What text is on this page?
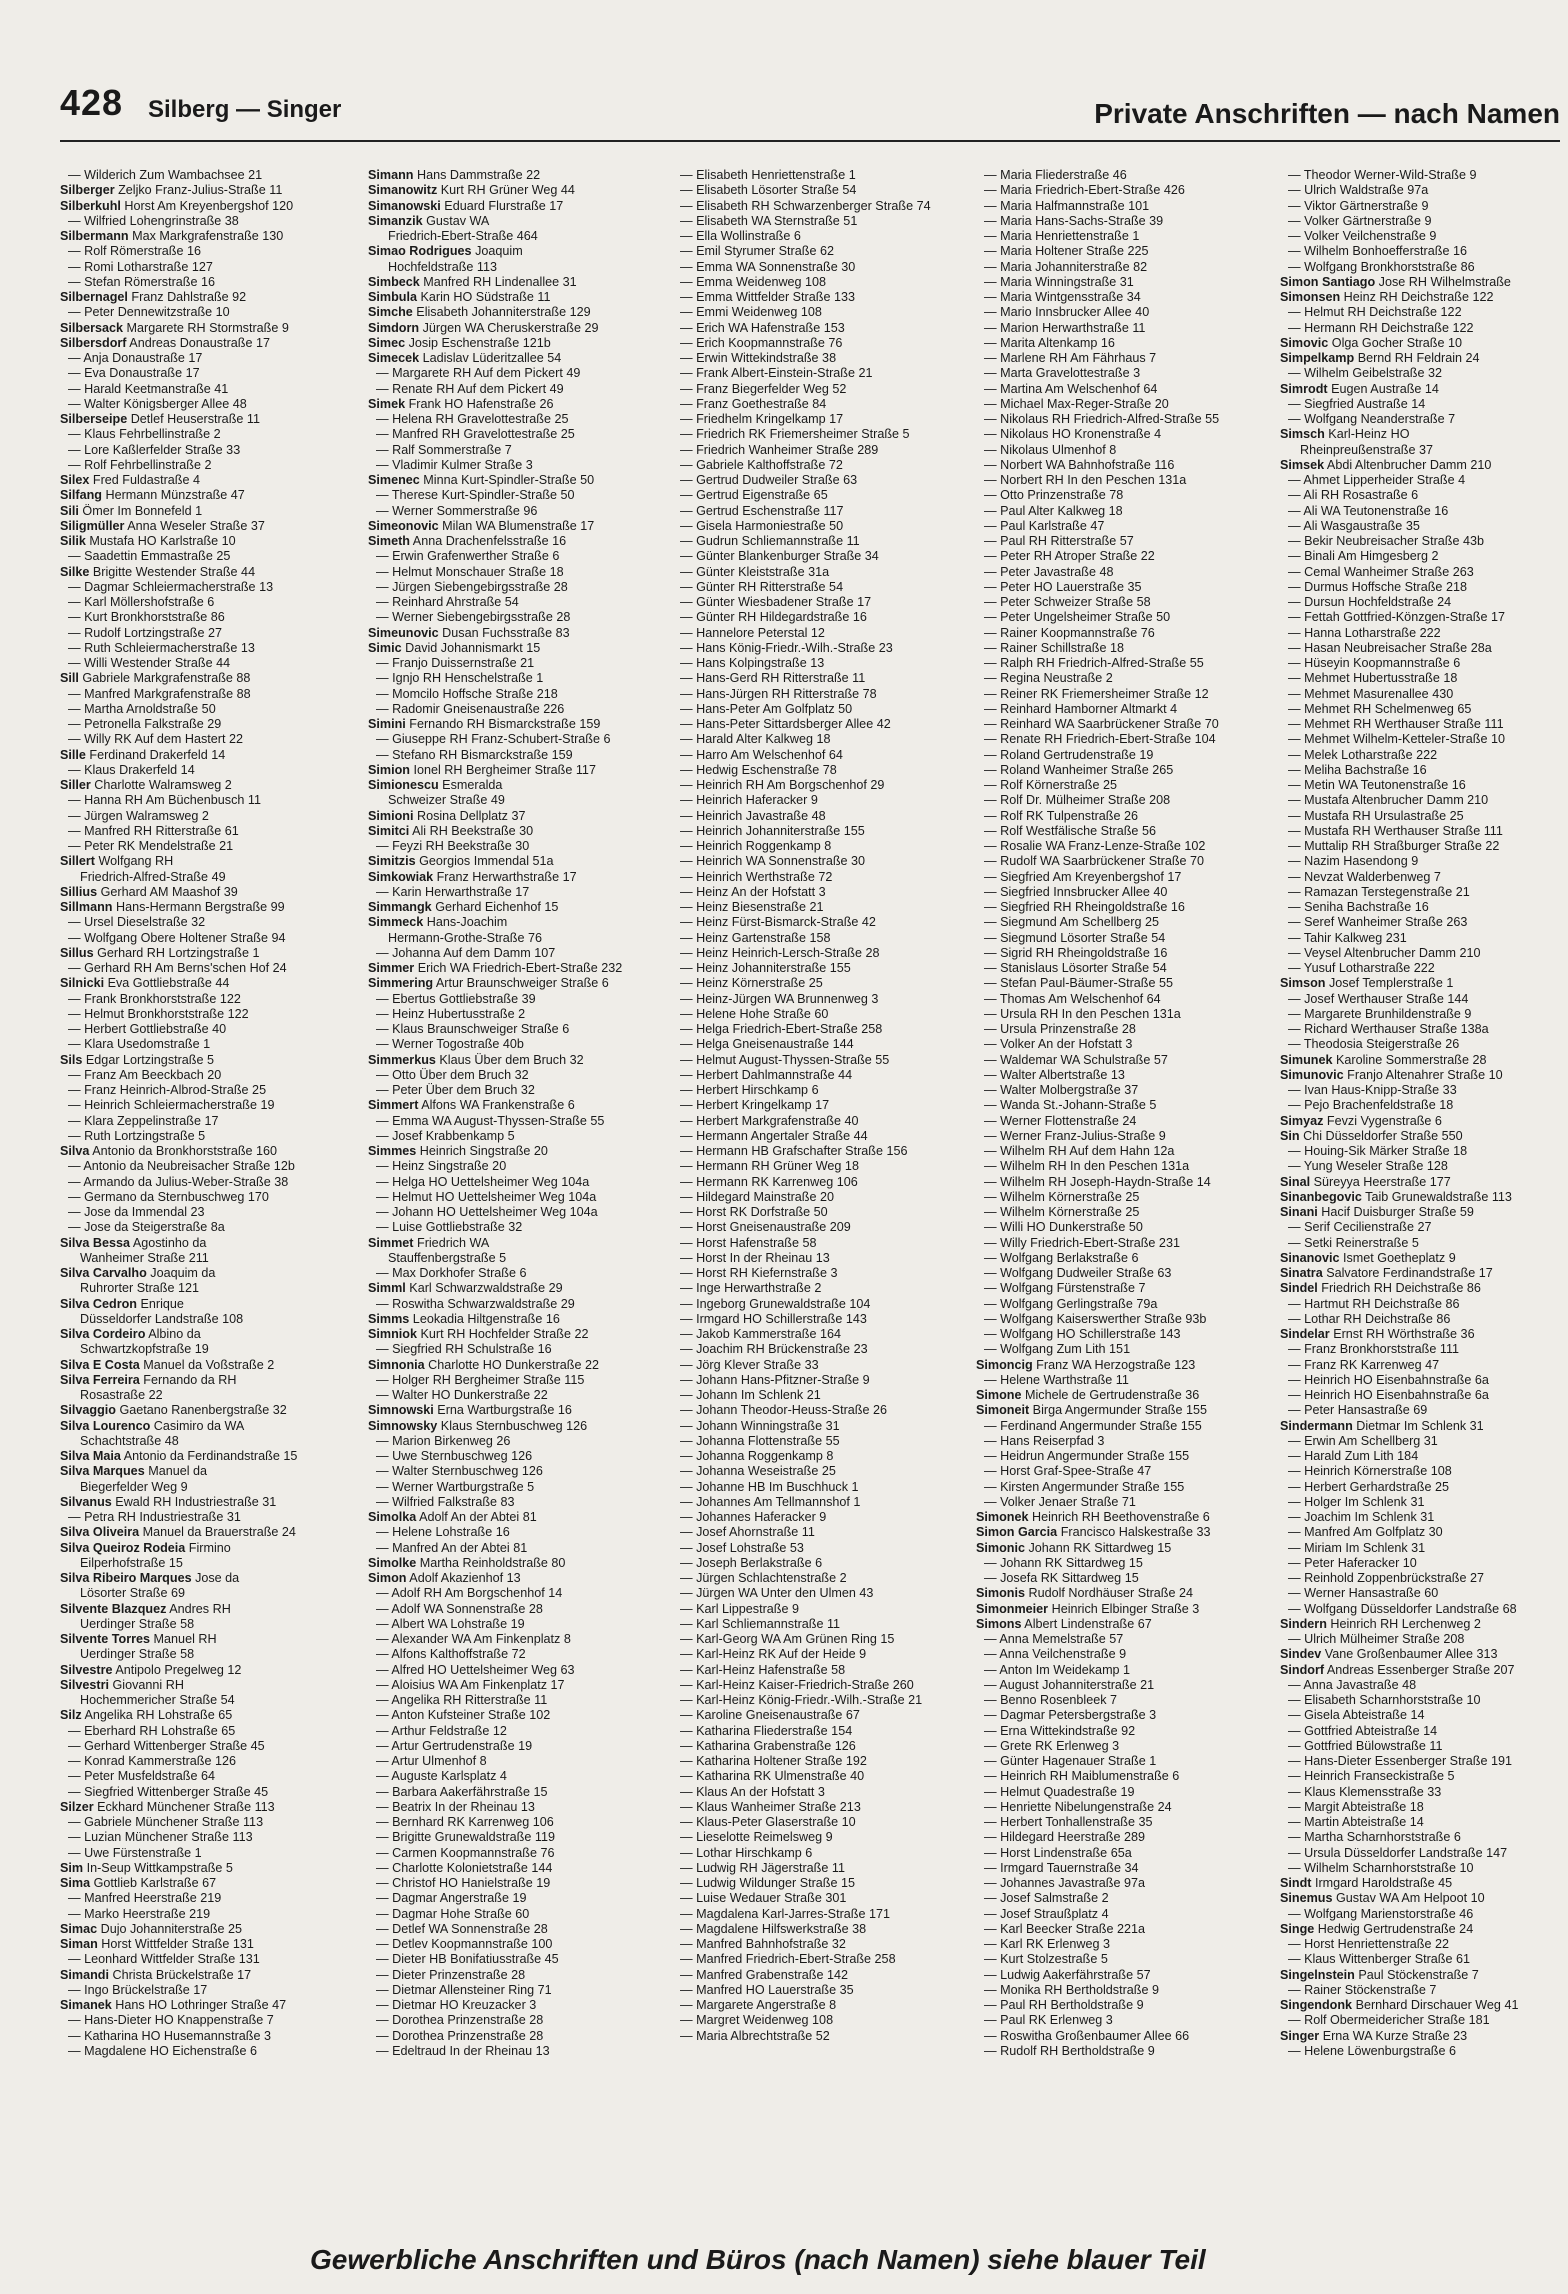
428 Silberg — Singer	Private Anschriften — nach Namen
— Wilderich Zum Wambachsee 21
Silberger Zeljko Franz-Julius-Straße 11
Silberkuhl Horst Am Kreyenbergshof 120
— Wilfried Lohengrinstraße 38
Silbermann Max Markgrafenstraße 130
— Rolf Römerstraße 16
— Romi Lotharstraße 127
— Stefan Römerstraße 16
Silbernagel Franz Dahlstraße 92
— Peter Dennewitzstraße 10
Silbersack Margarete RH Stormstraße 9
Silbersdorf Andreas Donaustraße 17
— Anja Donaustraße 17
— Eva Donaustraße 17
— Harald Keetmanstraße 41
— Walter Königsberger Allee 48
Silberseipe Detlef Heuserstraße 11
— Klaus Fehrbellinstraße 2
— Lore Kaßlerfelder Straße 33
— Rolf Fehrbellinstraße 2
Silex Fred Fuldastraße 4
Silfang Hermann Münzstraße 47
Sili Ömer Im Bonnefeld 1
Siligmüller Anna Weseler Straße 37
Silik Mustafa HO Karlstraße 10
— Saadettin Emmastraße 25
Silke Brigitte Westender Straße 44
— Dagmar Schleiermacherstraße 13
— Karl Möllershofstraße 6
— Kurt Bronkhorststraße 86
— Rudolf Lortzingstraße 27
— Ruth Schleiermacherstraße 13
— Willi Westender Straße 44
Sill Gabriele Markgrafenstraße 88
— Manfred Markgrafenstraße 88
— Martha Arnoldstraße 50
— Petronella Falkstraße 29
— Willy RK Auf dem Hastert 22
Sille Ferdinand Drakerfeld 14
— Klaus Drakerfeld 14
Siller Charlotte Walramsweg 2
— Hanna RH Am Büchenbusch 11
— Jürgen Walramsweg 2
— Manfred RH Ritterstraße 61
— Peter RK Mendelstraße 21
Sillert Wolfgang RH
Friedrich-Alfred-Straße 49
Sillius Gerhard AM Maashof 39
Sillmann Hans-Hermann Bergstraße 99
— Ursel Dieselstraße 32
— Wolfgang Obere Holtener Straße 94
Sillus Gerhard RH Lortzingstraße 1
— Gerhard RH Am Berns'schen Hof 24
Silnicki Eva Gottliebstraße 44
— Frank Bronkhorststraße 122
— Helmut Bronkhorststraße 122
— Herbert Gottliebstraße 40
— Klara Usedomstraße 1
Sils Edgar Lortzingstraße 5
— Franz Am Beeckbach 20
— Franz Heinrich-Albrod-Straße 25
— Heinrich Schleiermacherstraße 19
— Klara Zeppelinstraße 17
— Ruth Lortzingstraße 5
Silva Antonio da Bronkhorststraße 160
— Antonio da Neubreisacher Straße 12b
— Armando da Julius-Weber-Straße 38
— Germano da Sternbuschweg 170
— Jose da Immendal 23
— Jose da Steigerstraße 8a
Silva Bessa Agostinho da
Wanheimer Straße 211
Silva Carvalho Joaquim da
Ruhrorter Straße 121
Silva Cedron Enrique
Düsseldorfer Landstraße 108
Silva Cordeiro Albino da
Schwartzkopfstraße 19
Silva E Costa Manuel da Voßstraße 2
Silva Ferreira Fernando da RH
Rosastraße 22
Silvaggio Gaetano Ranenbergstraße 32
Silva Lourenco Casimiro da WA
Schachtstraße 48
Silva Maia Antonio da Ferdinandstraße 15
Silva Marques Manuel da
Biegerfelder Weg 9
Silvanus Ewald RH Industriestraße 31
— Petra RH Industriestraße 31
Silva Oliveira Manuel da Brauerstraße 24
Silva Queiroz Rodeia Firmino
Eilperhofstraße 15
Silva Ribeiro Marques Jose da
Lösorter Straße 69
Silvente Blazquez Andres RH
Uerdinger Straße 58
Silvente Torres Manuel RH
Uerdinger Straße 58
Silvestre Antipolo Pregelweg 12
Silvestri Giovanni RH
Hochemmericher Straße 54
Silz Angelika RH Lohstraße 65
— Eberhard RH Lohstraße 65
— Gerhard Wittenberger Straße 45
— Konrad Kammerstraße 126
— Peter Musfeldstraße 64
— Siegfried Wittenberger Straße 45
Silzer Eckhard Münchener Straße 113
— Gabriele Münchener Straße 113
— Luzian Münchener Straße 113
— Uwe Fürstenstraße 1
Sim In-Seup Wittkampstraße 5
Sima Gottlieb Karlstraße 67
— Manfred Heerstraße 219
— Marko Heerstraße 219
Simac Dujo Johanniterstraße 25
Siman Horst Wittfelder Straße 131
— Leonhard Wittfelder Straße 131
Simandi Christa Brückelstraße 17
— Ingo Brückelstraße 17
Simanek Hans HO Lothringer Straße 47
— Hans-Dieter HO Knappenstraße 7
— Katharina HO Husemannstraße 3
— Magdalene HO Eichenstraße 6
Simann Hans Dammstraße 22
Simanowitz Kurt RH Grüner Weg 44
Simanowski Eduard Flurstraße 17
Simanzik Gustav WA
Friedrich-Ebert-Straße 464
Simao Rodrigues Joaquim
Hochfeldstraße 113
Simbeck Manfred RH Lindenallee 31
Simbula Karin HO Südstraße 11
Simche Elisabeth Johanniterstraße 129
Simdorn Jürgen WA Cheruskerstraße 29
Simec Josip Eschenstraße 121b
Simecek Ladislav Lüderitzallee 54
— Margarete RH Auf dem Pickert 49
— Renate RH Auf dem Pickert 49
Simek Frank HO Hafenstraße 26
— Helena RH Gravelottestraße 25
— Manfred RH Gravelottestraße 25
— Ralf Sommerstraße 7
— Vladimir Kulmer Straße 3
Simenec Minna Kurt-Spindler-Straße 50
— Therese Kurt-Spindler-Straße 50
— Werner Sommerstraße 96
Simeonovic Milan WA Blumenstraße 17
Simeth Anna Drachenfelsstraße 16
— Erwin Grafenwerther Straße 6
— Helmut Monschauer Straße 18
— Jürgen Siebengebirgsstraße 28
— Reinhard Ahrstraße 54
— Werner Siebengebirgsstraße 28
Simeunovic Dusan Fuchsstraße 83
Simic David Johannismarkt 15
— Franjo Duissernstraße 21
— Ignjo RH Henschelstraße 1
— Momcilo Hoffsche Straße 218
— Radomir Gneisenaustraße 226
Simini Fernando RH Bismarckstraße 159
— Giuseppe RH Franz-Schubert-Straße 6
— Stefano RH Bismarckstraße 159
Simion Ionel RH Bergheimer Straße 117
Simionescu Esmeralda
Schweizer Straße 49
Simioni Rosina Dellplatz 37
Simitci Ali RH Beekstraße 30
— Feyzi RH Beekstraße 30
Simitzis Georgios Immendal 51a
Simkowiak Franz Herwarthstraße 17
— Karin Herwarthstraße 17
Simmangk Gerhard Eichenhof 15
Simmeck Hans-Joachim
Hermann-Grothe-Straße 76
— Johanna Auf dem Damm 107
Simmer Erich WA Friedrich-Ebert-Straße 232
Simmering Artur Braunschweiger Straße 6
— Ebertus Gottliebstraße 39
— Heinz Hubertusstraße 2
— Klaus Braunschweiger Straße 6
— Werner Togostraße 40b
Simmerkus Klaus Über dem Bruch 32
— Otto Über dem Bruch 32
— Peter Über dem Bruch 32
Simmert Alfons WA Frankenstraße 6
— Emma WA August-Thyssen-Straße 55
— Josef Krabbenkamp 5
Simmes Heinrich Singstraße 20
— Heinz Singstraße 20
— Helga HO Uettelsheimer Weg 104a
— Helmut HO Uettelsheimer Weg 104a
— Johann HO Uettelsheimer Weg 104a
— Luise Gottliebstraße 32
Simmet Friedrich WA
Stauffenbergstraße 5
— Max Dorkhofer Straße 6
Simml Karl Schwarzwaldstraße 29
— Roswitha Schwarzwaldstraße 29
Simms Leokadia Hiltgenstraße 16
Simniok Kurt RH Hochfelder Straße 22
— Siegfried RH Schulstraße 16
Simnonia Charlotte HO Dunkerstraße 22
— Holger RH Bergheimer Straße 115
— Walter HO Dunkerstraße 22
Simnowski Erna Wartburgstraße 16
Simnowsky Klaus Sternbuschweg 126
— Marion Birkenweg 26
— Uwe Sternbuschweg 126
— Walter Sternbuschweg 126
— Werner Wartburgstraße 5
— Wilfried Falkstraße 83
Simolka Adolf An der Abtei 81
— Helene Lohstraße 16
— Manfred An der Abtei 81
Simolke Martha Reinholdstraße 80
Simon Adolf Akazienhof 13
— Adolf RH Am Borgschenhof 14
— Adolf WA Sonnenstraße 28
— Albert WA Lohstraße 19
— Alexander WA Am Finkenplatz 8
— Alfons Kalthoffstraße 72
— Alfred HO Uettelsheimer Weg 63
— Aloisius WA Am Finkenplatz 17
— Angelika RH Ritterstraße 11
— Anton Kufsteiner Straße 102
— Arthur Feldstraße 12
— Artur Gertrudenstraße 19
— Artur Ulmenhof 8
— Auguste Karlsplatz 4
— Barbara Aakerfährstraße 15
— Beatrix In der Rheinau 13
— Bernhard RK Karrenweg 106
— Brigitte Grunewaldstraße 119
— Carmen Koopmannstraße 76
— Charlotte Kolonietstraße 144
— Christof HO Hanielstraße 19
— Dagmar Angerstraße 19
— Dagmar Hohe Straße 60
— Detlef WA Sonnenstraße 28
— Detlev Koopmannstraße 100
— Dieter HB Bonifatiusstraße 45
— Dieter Prinzenstraße 28
— Dietmar Allensteiner Ring 71
— Dietmar HO Kreuzacker 3
— Dorothea Prinzenstraße 28
— Dorothea Prinzenstraße 28
— Edeltraud In der Rheinau 13
— Elisabeth Henriettenstraße 1
— Elisabeth Lösorter Straße 54
— Elisabeth RH Schwarzenberger Straße 74
— Elisabeth WA Sternstraße 51
— Ella Wollinstraße 6
— Emil Styrumer Straße 62
— Emma WA Sonnenstraße 30
— Emma Weidenweg 108
— Emma Wittfelder Straße 133
— Emmi Weidenweg 108
— Erich WA Hafenstraße 153
— Erich Koopmannstraße 76
— Erwin Wittekindstraße 38
— Frank Albert-Einstein-Straße 21
— Franz Biegerfelder Weg 52
— Franz Goethestraße 84
— Friedhelm Kringelkamp 17
— Friedrich RK Friemersheimer Straße 5
— Friedrich Wanheimer Straße 289
— Gabriele Kalthoffstraße 72
— Gertrud Dudweiler Straße 63
— Gertrud Eigenstraße 65
— Gertrud Eschenstraße 117
— Gisela Harmoniestraße 50
— Gudrun Schliemannstraße 11
— Günter Blankenburger Straße 34
— Günter Kleiststraße 31a
— Günter RH Ritterstraße 54
— Günter Wiesbadener Straße 17
— Günter RH Hildegardstraße 16
— Hannelore Peterstal 12
— Hans König-Friedr.-Wilh.-Straße 23
— Hans Kolpingstraße 13
— Hans-Gerd RH Ritterstraße 11
— Hans-Jürgen RH Ritterstraße 78
— Hans-Peter Am Golfplatz 50
— Hans-Peter Sittardsberger Allee 42
— Harald Alter Kalkweg 18
— Harro Am Welschenhof 64
— Hedwig Eschenstraße 78
— Heinrich RH Am Borgschenhof 29
— Heinrich Haferacker 9
— Heinrich Javastraße 48
— Heinrich Johanniterstraße 155
— Heinrich Roggenkamp 8
— Heinrich WA Sonnenstraße 30
— Heinrich Werthstraße 72
— Heinz An der Hofstatt 3
— Heinz Biesenstraße 21
— Heinz Fürst-Bismarck-Straße 42
— Heinz Gartenstraße 158
— Heinz Heinrich-Lersch-Straße 28
— Heinz Johanniterstraße 155
— Heinz Körnerstraße 25
— Heinz-Jürgen WA Brunnenweg 3
— Helene Hohe Straße 60
— Helga Friedrich-Ebert-Straße 258
— Helga Gneisenaustraße 144
— Helmut August-Thyssen-Straße 55
— Herbert Dahlmannstraße 44
— Herbert Hirschkamp 6
— Herbert Kringelkamp 17
— Herbert Markgrafenstraße 40
— Hermann Angertaler Straße 44
— Hermann HB Grafschafter Straße 156
— Hermann RH Grüner Weg 18
— Hermann RK Karrenweg 106
— Hildegard Mainstraße 20
— Horst RK Dorfstraße 50
— Horst Gneisenaustraße 209
— Horst Hafenstraße 58
— Horst In der Rheinau 13
— Horst RH Kiefernstraße 3
— Inge Herwarthstraße 2
— Ingeborg Grunewaldstraße 104
— Irmgard HO Schillerstraße 143
— Jakob Kammerstraße 164
— Joachim RH Brückenstraße 23
— Jörg Klever Straße 33
— Johann Hans-Pfitzner-Straße 9
— Johann Im Schlenk 21
— Johann Theodor-Heuss-Straße 26
— Johann Winningstraße 31
— Johanna Flottenstraße 55
— Johanna Roggenkamp 8
— Johanna Weseistraße 25
— Johanne HB Im Buschhuck 1
— Johannes Am Tellmannshof 1
— Johannes Haferacker 9
— Josef Ahornstraße 11
— Josef Lohstraße 53
— Joseph Berlakstraße 6
— Jürgen Schlachtenstraße 2
— Jürgen WA Unter den Ulmen 43
— Karl Lippestraße 9
— Karl Schliemannstraße 11
— Karl-Georg WA Am Grünen Ring 15
— Karl-Heinz RK Auf der Heide 9
— Karl-Heinz Hafenstraße 58
— Karl-Heinz Kaiser-Friedrich-Straße 260
— Karl-Heinz König-Friedr.-Wilh.-Straße 21
— Karoline Gneisenaustraße 67
— Katharina Fliederstraße 154
— Katharina Grabenstraße 126
— Katharina Holtener Straße 192
— Katharina RK Ulmenstraße 40
— Klaus An der Hofstatt 3
— Klaus Wanheimer Straße 213
— Klaus-Peter Glaserstraße 10
— Lieselotte Reimelsweg 9
— Lothar Hirschkamp 6
— Ludwig RH Jägerstraße 11
— Ludwig Wildunger Straße 15
— Luise Wedauer Straße 301
— Magdalena Karl-Jarres-Straße 171
— Magdalene Hilfswerkstraße 38
— Manfred Bahnhofstraße 32
— Manfred Friedrich-Ebert-Straße 258
— Manfred Grabenstraße 142
— Manfred HO Lauerstraße 35
— Margarete Angerstraße 8
— Margret Weidenweg 108
— Maria Albrechtstraße 52
— Maria Fliederstraße 46
— Maria Friedrich-Ebert-Straße 426
— Maria Halfmannstraße 101
— Maria Hans-Sachs-Straße 39
— Maria Henriettenstraße 1
— Maria Holtener Straße 225
— Maria Johanniterstraße 82
— Maria Winningstraße 31
— Maria Wintgensstraße 34
— Mario Innsbrucker Allee 40
— Marion Herwarthstraße 11
— Marita Altenkamp 16
— Marlene RH Am Fährhaus 7
— Marta Gravelottestraße 3
— Martina Am Welschenhof 64
— Michael Max-Reger-Straße 20
— Nikolaus RH Friedrich-Alfred-Straße 55
— Nikolaus HO Kronenstraße 4
— Nikolaus Ulmenhof 8
— Norbert WA Bahnhofstraße 116
— Norbert RH In den Peschen 131a
— Otto Prinzenstraße 78
— Paul Alter Kalkweg 18
— Paul Karlstraße 47
— Paul RH Ritterstraße 57
— Peter RH Atroper Straße 22
— Peter Javastraße 48
— Peter HO Lauerstraße 35
— Peter Schweizer Straße 58
— Peter Ungelsheimer Straße 50
— Rainer Koopmannstraße 76
— Rainer Schillstraße 18
— Ralph RH Friedrich-Alfred-Straße 55
— Regina Neustraße 2
— Reiner RK Friemersheimer Straße 12
— Reinhard Hamborner Altmarkt 4
— Reinhard WA Saarbrückener Straße 70
— Renate RH Friedrich-Ebert-Straße 104
— Roland Gertrudenstraße 19
— Roland Wanheimer Straße 265
— Rolf Körnerstraße 25
— Rolf Dr. Mülheimer Straße 208
— Rolf RK Tulpenstraße 26
— Rolf Westfälische Straße 56
— Rosalie WA Franz-Lenze-Straße 102
— Rudolf WA Saarbrückener Straße 70
— Siegfried Am Kreyenbergshof 17
— Siegfried Innsbrucker Allee 40
— Siegfried RH Rheingoldstraße 16
— Siegmund Am Schellberg 25
— Siegmund Lösorter Straße 54
— Sigrid RH Rheingoldstraße 16
— Stanislaus Lösorter Straße 54
— Stefan Paul-Bäumer-Straße 55
— Thomas Am Welschenhof 64
— Ursula RH In den Peschen 131a
— Ursula Prinzenstraße 28
— Volker An der Hofstatt 3
— Waldemar WA Schulstraße 57
— Walter Albertstraße 13
— Walter Molbergstraße 37
— Wanda St.-Johann-Straße 5
— Werner Flottenstraße 24
— Werner Franz-Julius-Straße 9
— Wilhelm RH Auf dem Hahn 12a
— Wilhelm RH In den Peschen 131a
— Wilhelm RH Joseph-Haydn-Straße 14
— Wilhelm Körnerstraße 25
— Wilhelm Körnerstraße 25
— Willi HO Dunkerstraße 50
— Willy Friedrich-Ebert-Straße 231
— Wolfgang Berlakstraße 6
— Wolfgang Dudweiler Straße 63
— Wolfgang Fürstenstraße 7
— Wolfgang Gerlingstraße 79a
— Wolfgang Kaiserswerther Straße 93b
— Wolfgang HO Schillerstraße 143
— Wolfgang Zum Lith 151
Simoncig Franz WA Herzogstraße 123
— Helene Warthstraße 11
Simone Michele de Gertrudenstraße 36
Simoneit Birga Angermunder Straße 155
— Ferdinand Angermunder Straße 155
— Hans Reiserpfad 3
— Heidrun Angermunder Straße 155
— Horst Graf-Spee-Straße 47
— Kirsten Angermunder Straße 155
— Volker Jenaer Straße 71
Simonek Heinrich RH Beethovenstraße 6
Simon Garcia Francisco Halskestraße 33
Simonic Johann RK Sittardweg 15
— Johann RK Sittardweg 15
— Josefa RK Sittardweg 15
Simonis Rudolf Nordhäuser Straße 24
Simonmeier Heinrich Elbinger Straße 3
Simons Albert Lindenstraße 67
— Anna Memelstraße 57
— Anna Veilchenstraße 9
— Anton Im Weidekamp 1
— August Johanniterstraße 21
— Benno Rosenbleek 7
— Dagmar Petersbergstraße 3
— Erna Wittekindstraße 92
— Grete RK Erlenweg 3
— Günter Hagenauer Straße 1
— Heinrich RH Maiblumenstraße 6
— Helmut Quadestraße 19
— Henriette Nibelungenstraße 24
— Herbert Tonhallenstraße 35
— Hildegard Heerstraße 289
— Horst Lindenstraße 65a
— Irmgard Tauernstraße 34
— Johannes Javastraße 97a
— Josef Salmstraße 2
— Josef Straußplatz 4
— Karl Beecker Straße 221a
— Karl RK Erlenweg 3
— Kurt Stolzestraße 5
— Ludwig Aakerfährstraße 57
— Monika RH Bertholdstraße 9
— Paul RH Bertholdstraße 9
— Paul RK Erlenweg 3
— Roswitha Großenbaumer Allee 66
— Rudolf RH Bertholdstraße 9
— Theodor Werner-Wild-Straße 9
— Ulrich Waldstraße 97a
— Viktor Gärtnerstraße 9
— Volker Gärtnerstraße 9
— Volker Veilchenstraße 9
— Wilhelm Bonhoefferstraße 16
— Wolfgang Bronkhorststraße 86
Simon Santiago Jose RH Wilhelmstraße
Simonsen Heinz RH Deichstraße 122
— Helmut RH Deichstraße 122
— Hermann RH Deichstraße 122
Simovic Olga Gocher Straße 10
Simpelkamp Bernd RH Feldrain 24
— Wilhelm Geibelstraße 32
Simrodt Eugen Austraße 14
— Siegfried Austraße 14
— Wolfgang Neanderstraße 7
Simsch Karl-Heinz HO
Rheinpreußenstraße 37
Simsek Abdi Altenbrucher Damm 210
— Ahmet Lipperheider Straße 4
— Ali RH Rosastraße 6
— Ali WA Teutonenstraße 16
— Ali Wasgaustraße 35
— Bekir Neubreisacher Straße 43b
— Binali Am Himgesberg 2
— Cemal Wanheimer Straße 263
— Durmus Hoffsche Straße 218
— Dursun Hochfeldstraße 24
— Fettah Gottfried-Könzgen-Straße 17
— Hanna Lotharstraße 222
— Hasan Neubreisacher Straße 28a
— Hüseyin Koopmannstraße 6
— Mehmet Hubertusstraße 18
— Mehmet Masurenallee 430
— Mehmet RH Schelmenweg 65
— Mehmet RH Werthauser Straße 111
— Mehmet Wilhelm-Ketteler-Straße 10
— Melek Lotharstraße 222
— Meliha Bachstraße 16
— Metin WA Teutonenstraße 16
— Mustafa Altenbrucher Damm 210
— Mustafa RH Ursulastraße 25
— Mustafa RH Werthauser Straße 111
— Muttalip RH Straßburger Straße 22
— Nazim Hasendong 9
— Nevzat Walderbenweg 7
— Ramazan Terstegenstraße 21
— Seniha Bachstraße 16
— Seref Wanheimer Straße 263
— Tahir Kalkweg 231
— Veysel Altenbrucher Damm 210
— Yusuf Lotharstraße 222
Simson Josef Templerstraße 1
— Josef Werthauser Straße 144
— Margarete Brunhildenstraße 9
— Richard Werthauser Straße 138a
— Theodosia Steigerstraße 26
Simunek Karoline Sommerstraße 28
Simunovic Franjo Altenahrer Straße 10
— Ivan Haus-Knipp-Straße 33
— Pejo Brachenfeldstraße 18
Simyaz Fevzi Vygenstraße 6
Sin Chi Düsseldorfer Straße 550
— Houing-Sik Märker Straße 18
— Yung Weseler Straße 128
Sinal Süreyya Heerstraße 177
Sinanbegovic Taib Grunewaldstraße 113
Sinani Hacif Duisburger Straße 59
— Serif Cecilienstraße 27
— Setki Reinerstraße 5
Sinanovic Ismet Goetheplatz 9
Sinatra Salvatore Ferdinandstraße 17
Sindel Friedrich RH Deichstraße 86
— Hartmut RH Deichstraße 86
— Lothar RH Deichstraße 86
Sindelar Ernst RH Wörthstraße 36
— Franz Bronkhorststraße 111
— Franz RK Karrenweg 47
— Heinrich HO Eisenbahnstraße 6a
— Heinrich HO Eisenbahnstraße 6a
— Peter Hansastraße 69
Sindermann Dietmar Im Schlenk 31
— Erwin Am Schellberg 31
— Harald Zum Lith 184
— Heinrich Körnerstraße 108
— Herbert Gerhardstraße 25
— Holger Im Schlenk 31
— Joachim Im Schlenk 31
— Manfred Am Golfplatz 30
— Miriam Im Schlenk 31
— Peter Haferacker 10
— Reinhold Zoppenbrückstraße 27
— Werner Hansastraße 60
— Wolfgang Düsseldorfer Landstraße 68
Sindern Heinrich RH Lerchenweg 2
— Ulrich Mülheimer Straße 208
Sindev Vane Großenbaumer Allee 313
Sindorf Andreas Essenberger Straße 207
— Anna Javastraße 48
— Elisabeth Scharnhorststraße 10
— Gisela Abteistraße 14
— Gottfried Abteistraße 14
— Gottfried Bülowstraße 11
— Hans-Dieter Essenberger Straße 191
— Heinrich Franseckistraße 5
— Klaus Klemensstraße 33
— Margit Abteistraße 18
— Martin Abteistraße 14
— Martha Scharnhorststraße 6
— Ursula Düsseldorfer Landstraße 147
— Wilhelm Scharnhorststraße 10
Sindt Irmgard Haroldstraße 45
Sinemus Gustav WA Am Helpoot 10
— Wolfgang Marienstorstraße 46
Singe Hedwig Gertrudenstraße 24
— Horst Henriettenstraße 22
— Klaus Wittenberger Straße 61
Singelnstein Paul Stöckenstraße 7
— Rainer Stöckenstraße 7
Singendonk Bernhard Dirschauer Weg 41
— Rolf Obermeidericher Straße 181
Singer Erna WA Kurze Straße 23
— Helene Löwenburgstraße 6
Gewerbliche Anschriften und Büros (nach Namen) siehe blauer Teil
